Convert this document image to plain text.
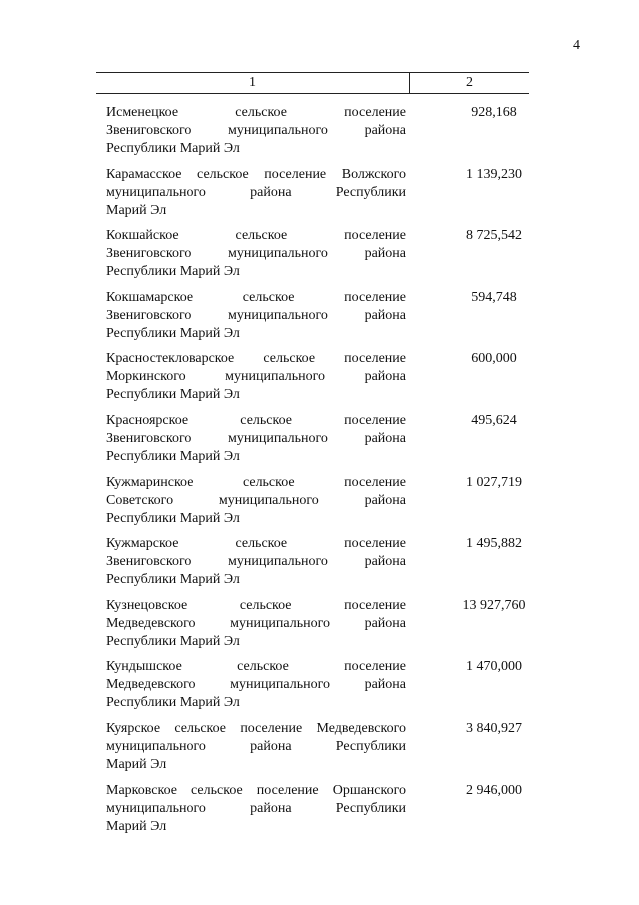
4
1	2
Исменецкое сельское поселение
Звениговского муниципального района
Республики Марий Эл
928,168
Карамасское сельское поселение Волжского
муниципального района Республики
Марий Эл
1 139,230
Кокшайское сельское поселение
Звениговского муниципального района
Республики Марий Эл
8 725,542
Кокшамарское сельское поселение
Звениговского муниципального района
Республики Марий Эл
594,748
Красностекловарское сельское поселение
Моркинского муниципального района
Республики Марий Эл
600,000
Красноярское сельское поселение
Звениговского муниципального района
Республики Марий Эл
495,624
Кужмаринское сельское поселение
Советского муниципального района
Республики Марий Эл
1 027,719
Кужмарское сельское поселение
Звениговского муниципального района
Республики Марий Эл
1 495,882
Кузнецовское сельское поселение
Медведевского муниципального района
Республики Марий Эл
13 927,760
Кундышское сельское поселение
Медведевского муниципального района
Республики Марий Эл
1 470,000
Куярское сельское поселение Медведевского
муниципального района Республики
Марий Эл
3 840,927
Марковское сельское поселение Оршанского
муниципального района Республики
Марий Эл
2 946,000
